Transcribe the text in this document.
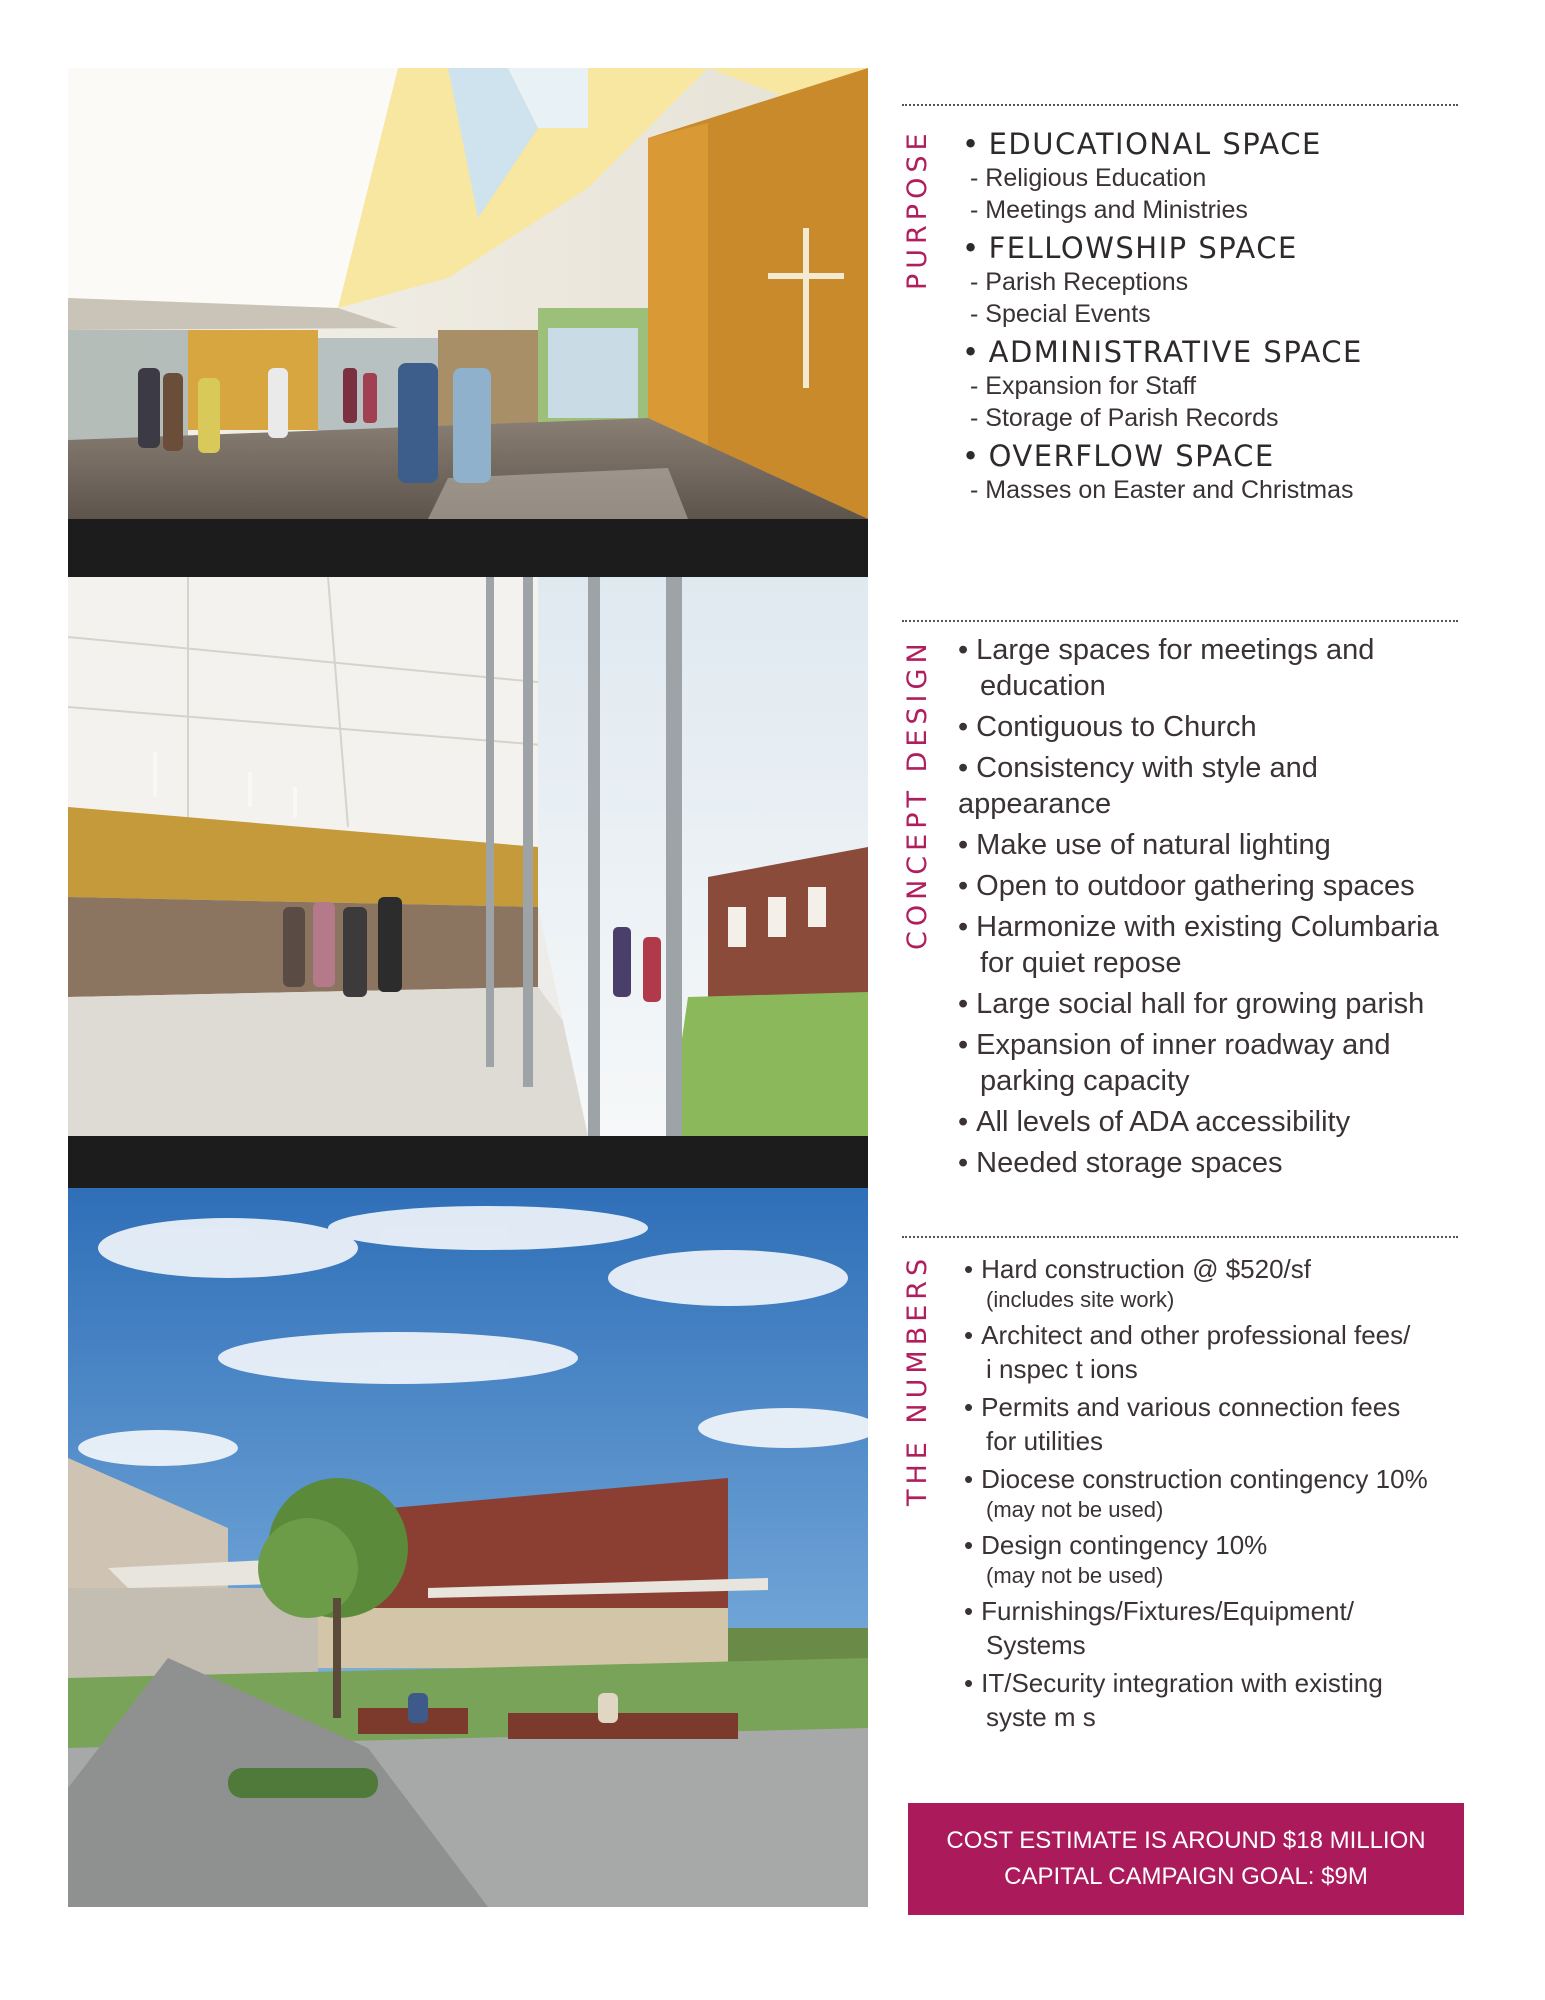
PURPOSE	• EDUCATIONAL SPACE
- Religious Education
- Meetings and Ministries
• FELLOWSHIP SPACE
- Parish Receptions
- Special Events
• ADMINISTRATIVE SPACE
- Expansion for Staff
- Storage of Parish Records
• OVERFLOW SPACE
- Masses on Easter and Christmas
CONCEPT DESIGN	• Large spaces for meetings and
education
• Contiguous to Church
• Consistency with style and appearance
• Make use of natural lighting
• Open to outdoor gathering spaces
• Harmonize with existing Columbaria
for quiet repose
• Large social hall for growing parish
• Expansion of inner roadway and
parking capacity
• All levels of ADA accessibility
• Needed storage spaces
THE NUMBERS	• Hard construction @ $520/sf
(includes site work)
• Architect and other professional fees/
i nspec t ions
• Permits and various connection fees
for utilities
• Diocese construction contingency 10%
(may not be used)
• Design contingency 10%
(may not be used)
• Furnishings/Fixtures/Equipment/
Systems
• IT/Security integration with existing
syste m s
COST ESTIMATE IS AROUND $18 MILLION
CAPITAL CAMPAIGN GOAL: $9M
